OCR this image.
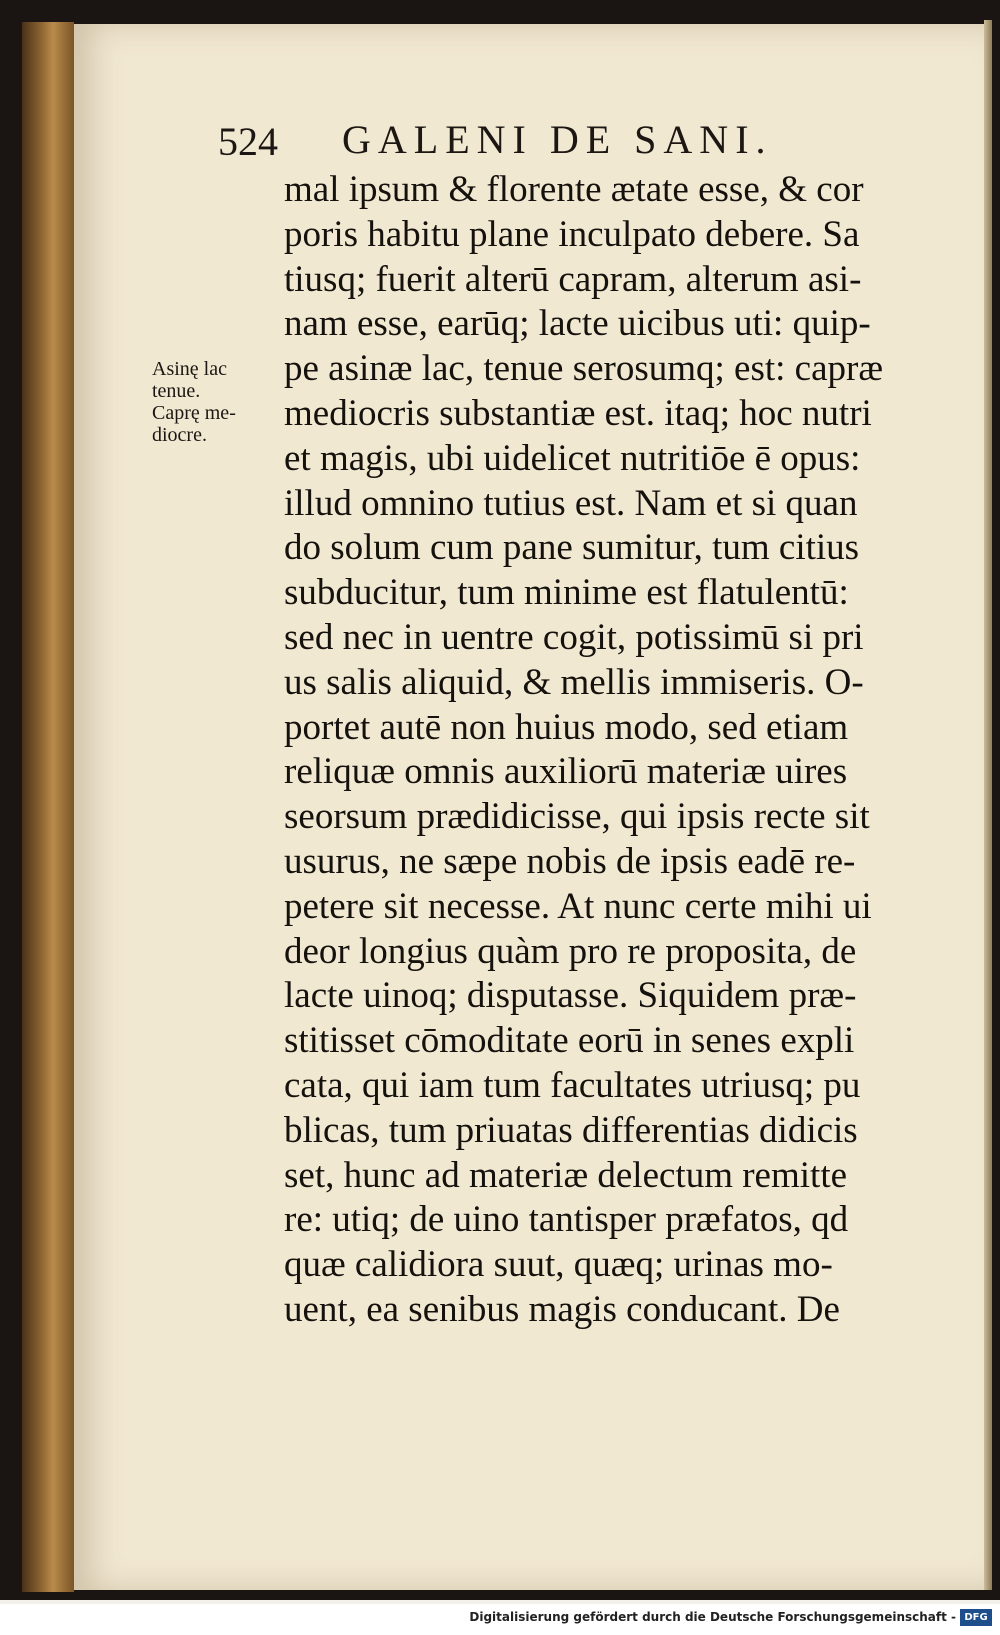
524 GALENI DE SANI.
Asinę lac
tenue.
Caprę me-
diocre.
mal ipsum & florente ætate esse, & cor
poris habitu plane inculpato debere. Sa
tiusq; fuerit alterū capram, alterum asi-
nam esse, earūq; lacte uicibus uti: quip-
pe asinæ lac, tenue serosumq; est: capræ
mediocris substantiæ est. itaq; hoc nutri
et magis, ubi uidelicet nutritiōe ē opus:
illud omnino tutius est. Nam et si quan
do solum cum pane sumitur, tum citius
subducitur, tum minime est flatulentū:
sed nec in uentre cogit, potissimū si pri
us salis aliquid, & mellis immiseris. O-
portet autē non huius modo, sed etiam
reliquæ omnis auxiliorū materiæ uires
seorsum prædidicisse, qui ipsis recte sit
usurus, ne sæpe nobis de ipsis eadē re-
petere sit necesse. At nunc certe mihi ui
deor longius quàm pro re proposita, de
lacte uinoq; disputasse. Siquidem præ-
stitisset cōmoditate eorū in senes expli
cata, qui iam tum facultates utriusq; pu
blicas, tum priuatas differentias didicis
set, hunc ad materiæ delectum remitte
re: utiq; de uino tantisper præfatos, qd
quæ calidiora suut, quæq; urinas mo-
uent, ea senibus magis conducant. De
Digitalisierung gefördert durch die Deutsche Forschungsgemeinschaft - DFG
